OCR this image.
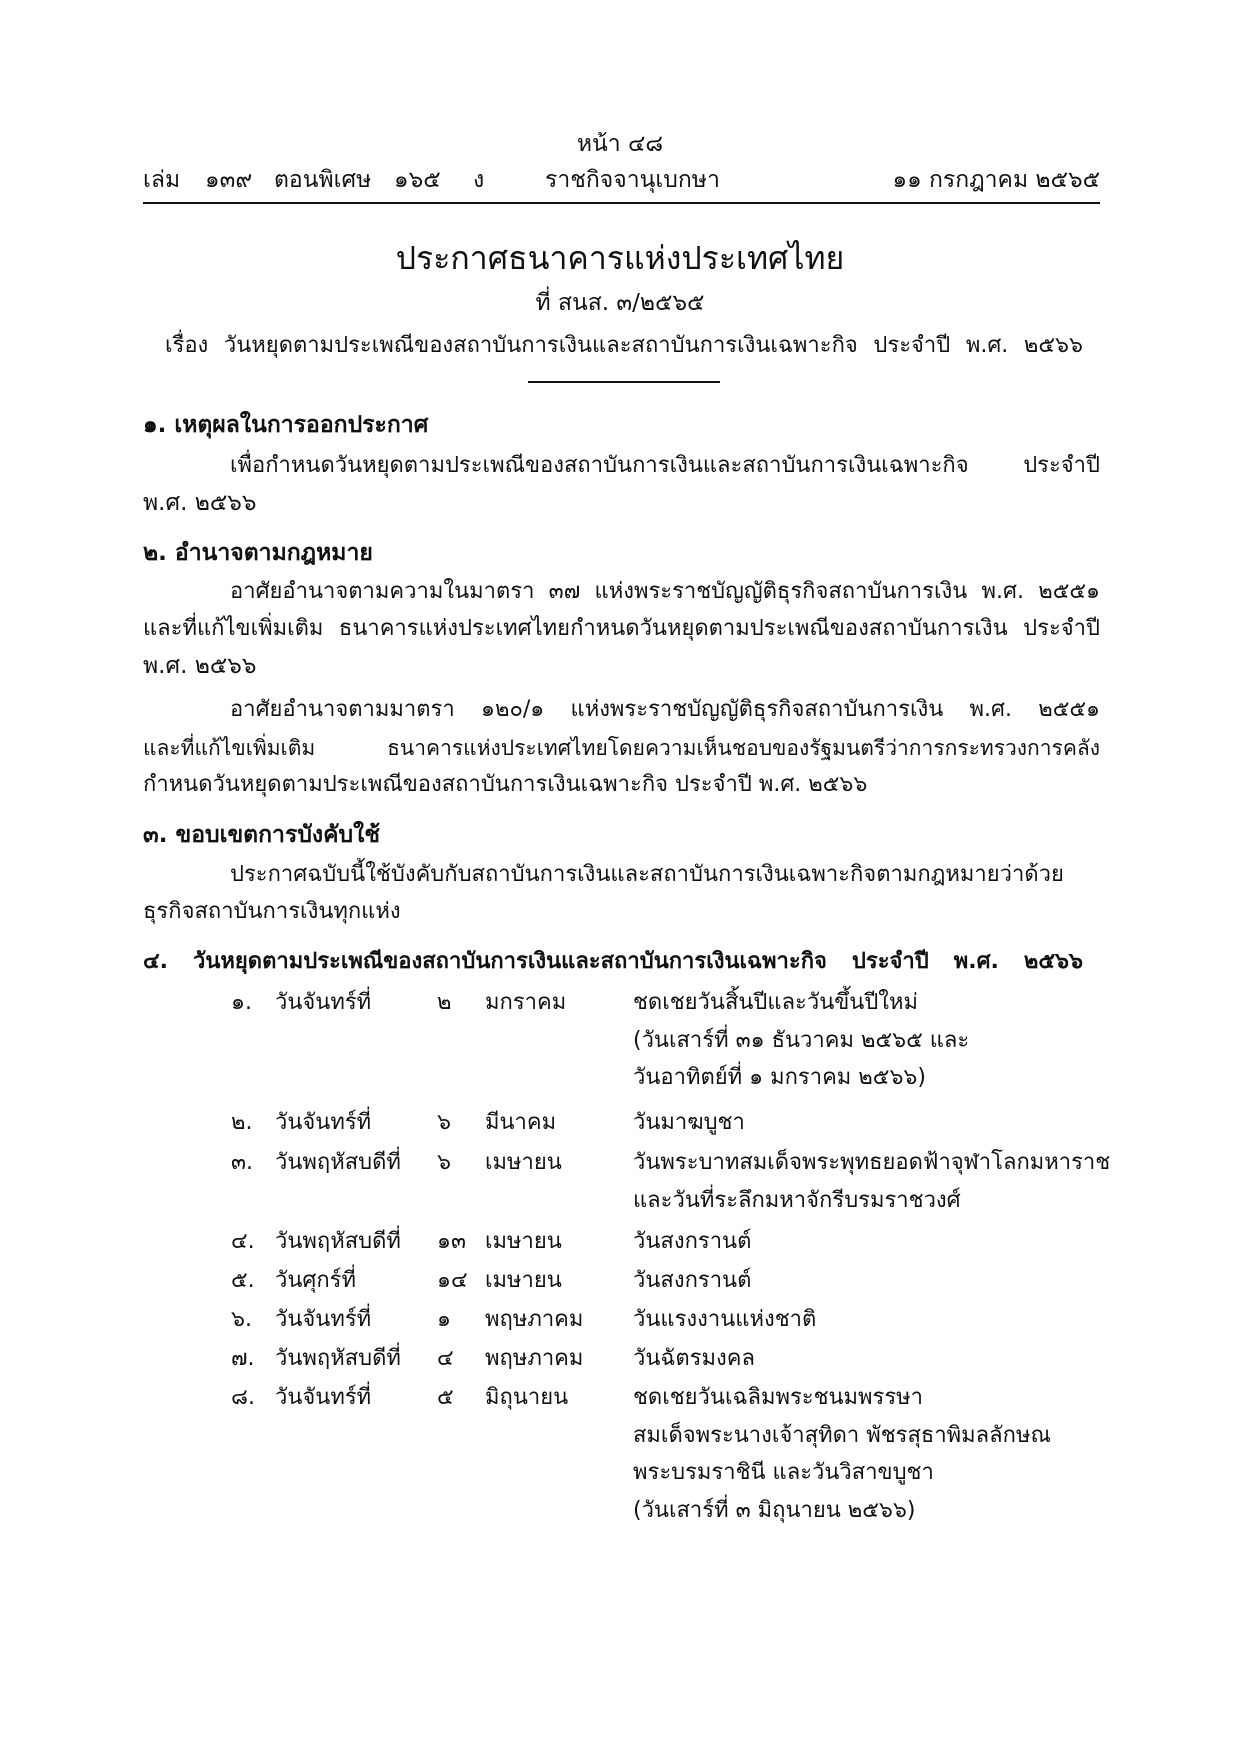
หน้า ๔๘
เล่ม ๑๓๙ ตอนพิเศษ ๑๖๕ ง	ราชกิจจานุเบกษา	๑๑ กรกฎาคม ๒๕๖๕
ประกาศธนาคารแห่งประเทศไทย
ที่ สนส. ๓/๒๕๖๕
เรื่อง วันหยุดตามประเพณีของสถาบันการเงินและสถาบันการเงินเฉพาะกิจ ประจำปี พ.ศ. ๒๕๖๖
๑. เหตุผลในการออกประกาศ
เพื่อกำหนดวันหยุดตามประเพณีของสถาบันการเงินและสถาบันการเงินเฉพาะกิจ ประจำปี
พ.ศ. ๒๕๖๖
๒. อำนาจตามกฎหมาย
อาศัยอำนาจตามความในมาตรา ๓๗ แห่งพระราชบัญญัติธุรกิจสถาบันการเงิน พ.ศ. ๒๕๕๑
และที่แก้ไขเพิ่มเติม ธนาคารแห่งประเทศไทยกำหนดวันหยุดตามประเพณีของสถาบันการเงิน ประจำปี
พ.ศ. ๒๕๖๖
อาศัยอำนาจตามมาตรา ๑๒๐/๑ แห่งพระราชบัญญัติธุรกิจสถาบันการเงิน พ.ศ. ๒๕๕๑
และที่แก้ไขเพิ่มเติม ธนาคารแห่งประเทศไทยโดยความเห็นชอบของรัฐมนตรีว่าการกระทรวงการคลัง
กำหนดวันหยุดตามประเพณีของสถาบันการเงินเฉพาะกิจ ประจำปี พ.ศ. ๒๕๖๖
๓. ขอบเขตการบังคับใช้
ประกาศฉบับนี้ใช้บังคับกับสถาบันการเงินและสถาบันการเงินเฉพาะกิจตามกฎหมายว่าด้วย
ธุรกิจสถาบันการเงินทุกแห่ง
๔. วันหยุดตามประเพณีของสถาบันการเงินและสถาบันการเงินเฉพาะกิจ ประจำปี พ.ศ. ๒๕๖๖
๑. วันจันทร์ที่	๒ มกราคม	ชดเชยวันสิ้นปีและวันขึ้นปีใหม่
(วันเสาร์ที่ ๓๑ ธันวาคม ๒๕๖๕ และ
วันอาทิตย์ที่ ๑ มกราคม ๒๕๖๖)
๒. วันจันทร์ที่	๖ มีนาคม	วันมาฆบูชา
๓. วันพฤหัสบดีที่ ๖ เมษายน	วันพระบาทสมเด็จพระพุทธยอดฟ้าจุฬาโลกมหาราช
และวันที่ระลึกมหาจักรีบรมราชวงศ์
๔. วันพฤหัสบดีที่ ๑๓ เมษายน	วันสงกรานต์
๕. วันศุกร์ที่	๑๔ เมษายน	วันสงกรานต์
๖. วันจันทร์ที่	๑ พฤษภาคม วันแรงงานแห่งชาติ
๗. วันพฤหัสบดีที่ ๔ พฤษภาคม วันฉัตรมงคล
๘. วันจันทร์ที่	๕ มิถุนายน	ชดเชยวันเฉลิมพระชนมพรรษา
สมเด็จพระนางเจ้าสุทิดา พัชรสุธาพิมลลักษณ
พระบรมราชินี และวันวิสาขบูชา
(วันเสาร์ที่ ๓ มิถุนายน ๒๕๖๖)
